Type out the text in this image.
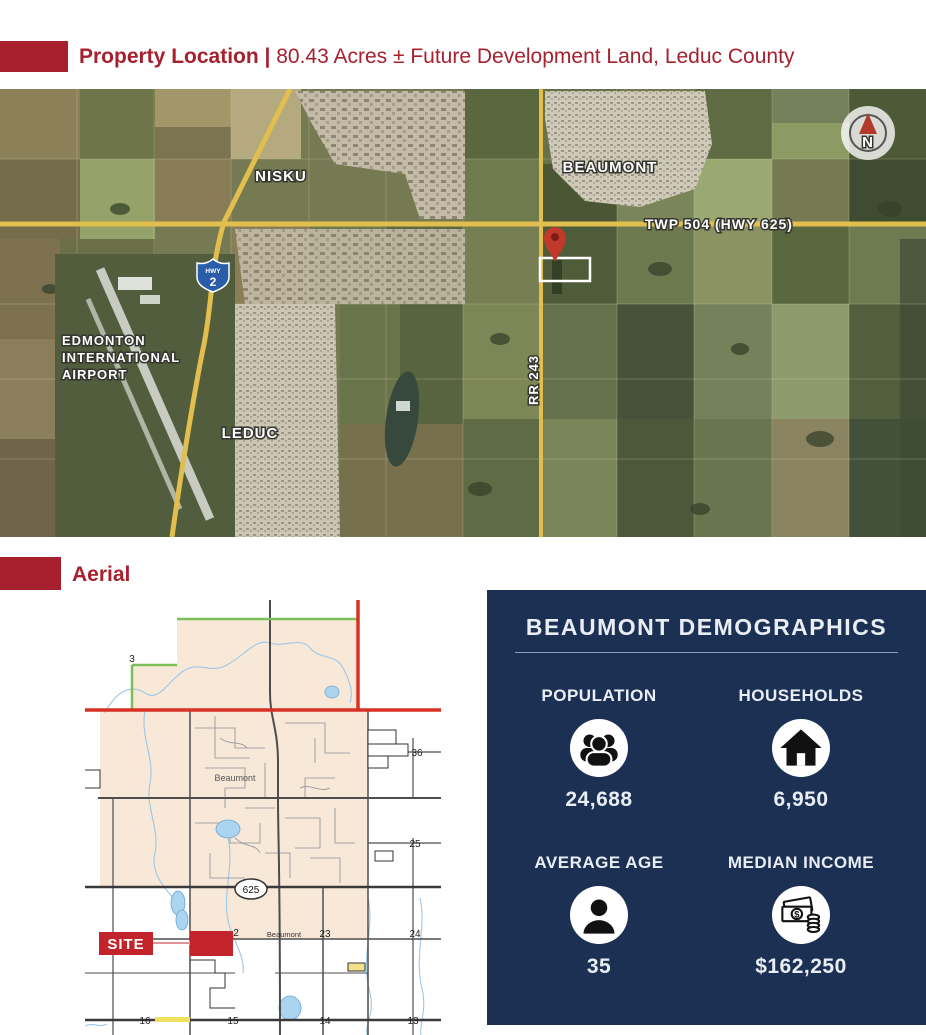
Property Location | 80.43 Acres ± Future Development Land, Leduc County
HWY
2
N
NISKU
BEAUMONT
EDMONTON
INTERNATIONAL
AIRPORT
LEDUC
TWP 504 (HWY 625)
RR 243
Aerial
625
Beaumont
Beaumont
3
36
25
2	23	24
16	15	14	13
SITE
BEAUMONT DEMOGRAPHICS
POPULATION
24,688
HOUSEHOLDS
6,950
AVERAGE AGE
35
MEDIAN INCOME
$
$162,250
